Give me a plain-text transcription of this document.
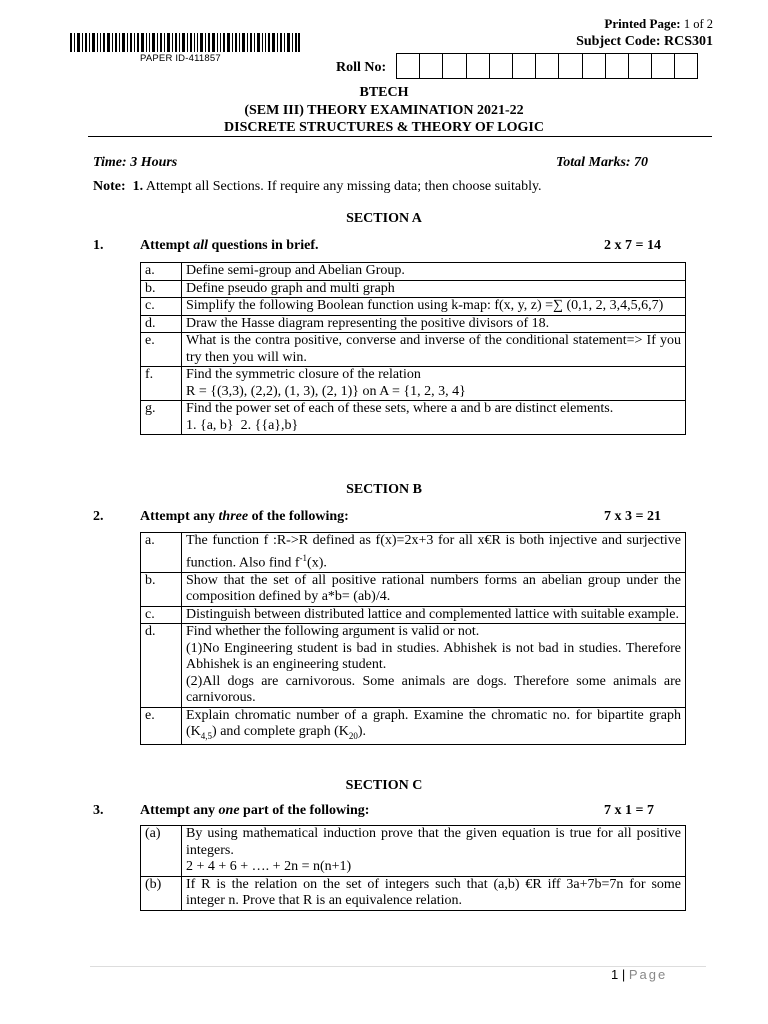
PAPER ID-411857
Printed Page: 1 of 2
Subject Code: RCS301
Roll No:
BTECH
(SEM III) THEORY EXAMINATION 2021-22
DISCRETE STRUCTURES & THEORY OF LOGIC
Time: 3 Hours	Total Marks: 70
Note: 1. Attempt all Sections. If require any missing data; then choose suitably.
SECTION A
1.	Attempt all questions in brief.	2 x 7 = 14
a.	Define semi-group and Abelian Group.
b.	Define pseudo graph and multi graph
c.	Simplify the following Boolean function using k-map: f(x, y, z) =∑ (0,1, 2, 3,4,5,6,7)
d.	Draw the Hasse diagram representing the positive divisors of 18.
e.	What is the contra positive, converse and inverse of the conditional statement=> If you try then you will win.
f.	Find the symmetric closure of the relation
R = {(3,3), (2,2), (1, 3), (2, 1)} on A = {1, 2, 3, 4}

g.	Find the power set of each of these sets, where a and b are distinct elements.
1. {a, b}  2. {{a},b}
SECTION B
2.	Attempt any three of the following:	7 x 3 = 21
a.	The function f :R->R defined as f(x)=2x+3 for all x€R is both injective and surjective function. Also find $f^{-1}(x)$.
b.	Show that the set of all positive rational numbers forms an abelian group under the composition defined by a*b= (ab)/4.
c.	Distinguish between distributed lattice and complemented lattice with suitable example.
d.	Find whether the following argument is valid or not.
(1)No Engineering student is bad in studies. Abhishek is not bad in studies. Therefore Abhishek is an engineering student.
(2)All dogs are carnivorous. Some animals are dogs. Therefore some animals are carnivorous.

e.	Explain chromatic number of a graph. Examine the chromatic no. for bipartite graph $(K_{4,5})$ and complete graph $(K_{20})$.
SECTION C
3.	Attempt any one part of the following:	7 x 1 = 7
(a)	By using mathematical induction prove that the given equation is true for all positive integers.
2 + 4 + 6 + …. + 2n = n(n+1)

(b)	If R is the relation on the set of integers such that (a,b) €R iff 3a+7b=7n for some integer n. Prove that R is an equivalence relation.
1 | Page
